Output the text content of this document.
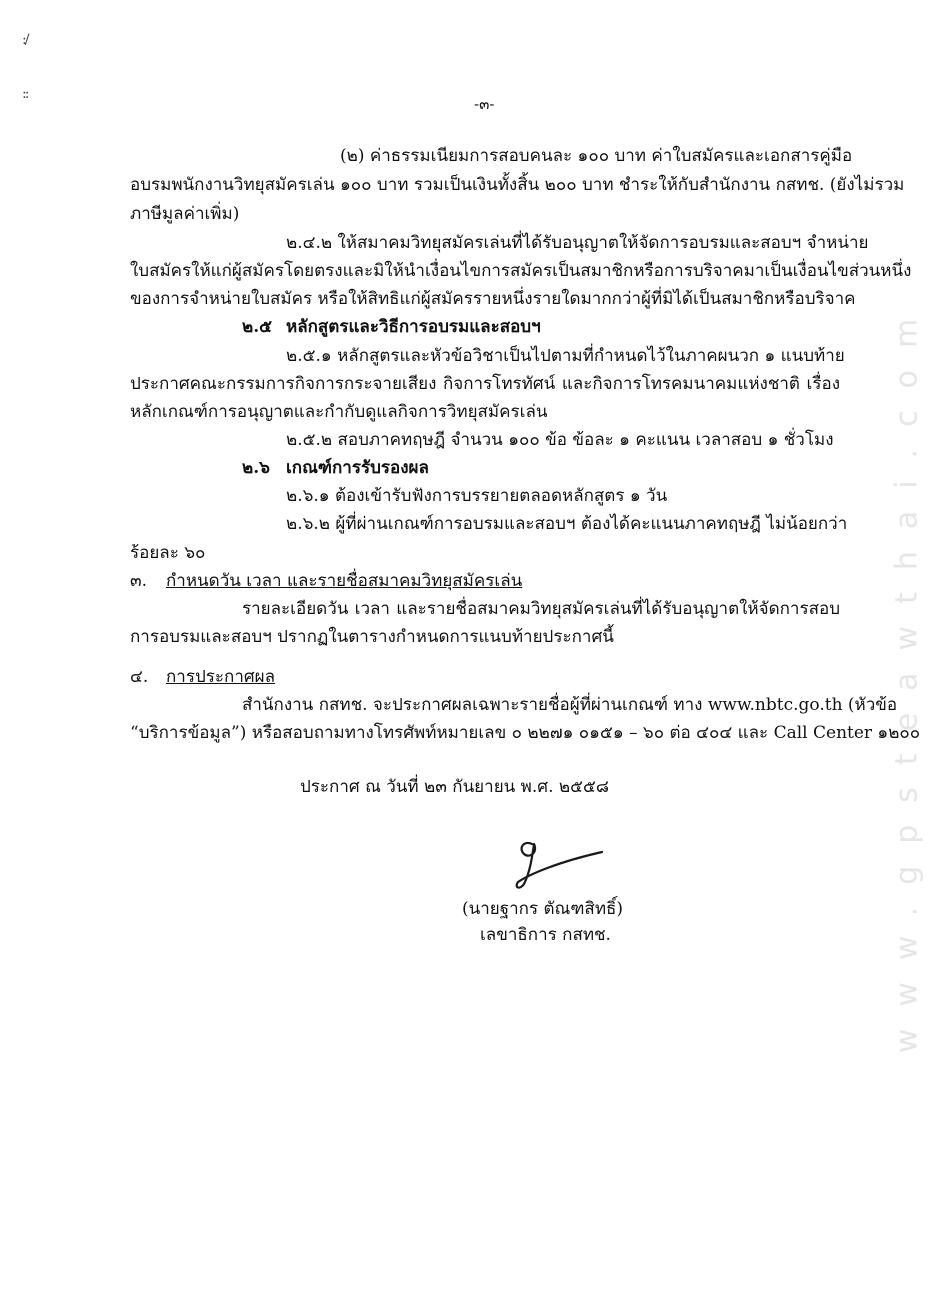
:/
::
www.gpsteawthai.com
-๓-
(๒) ค่าธรรมเนียมการสอบคนละ ๑๐๐ บาท ค่าใบสมัครและเอกสารคู่มือ
อบรมพนักงานวิทยุสมัครเล่น ๑๐๐ บาท รวมเป็นเงินทั้งสิ้น ๒๐๐ บาท ชำระให้กับสำนักงาน กสทช. (ยังไม่รวม
ภาษีมูลค่าเพิ่ม)
๒.๔.๒ ให้สมาคมวิทยุสมัครเล่นที่ได้รับอนุญาตให้จัดการอบรมและสอบฯ จำหน่าย
ใบสมัครให้แก่ผู้สมัครโดยตรงและมิให้นำเงื่อนไขการสมัครเป็นสมาชิกหรือการบริจาคมาเป็นเงื่อนไขส่วนหนึ่ง
ของการจำหน่ายใบสมัคร หรือให้สิทธิแก่ผู้สมัครรายหนึ่งรายใดมากกว่าผู้ที่มิได้เป็นสมาชิกหรือบริจาค
๒.๕ หลักสูตรและวิธีการอบรมและสอบฯ
๒.๕.๑ หลักสูตรและหัวข้อวิชาเป็นไปตามที่กำหนดไว้ในภาคผนวก ๑ แนบท้าย
ประกาศคณะกรรมการกิจการกระจายเสียง กิจการโทรทัศน์ และกิจการโทรคมนาคมแห่งชาติ เรื่อง
หลักเกณฑ์การอนุญาตและกำกับดูแลกิจการวิทยุสมัครเล่น
๒.๕.๒ สอบภาคทฤษฎี จำนวน ๑๐๐ ข้อ ข้อละ ๑ คะแนน เวลาสอบ ๑ ชั่วโมง
๒.๖ เกณฑ์การรับรองผล
๒.๖.๑ ต้องเข้ารับฟังการบรรยายตลอดหลักสูตร ๑ วัน
๒.๖.๒ ผู้ที่ผ่านเกณฑ์การอบรมและสอบฯ ต้องได้คะแนนภาคทฤษฎี ไม่น้อยกว่า
ร้อยละ ๖๐
๓. กำหนดวัน เวลา และรายชื่อสมาคมวิทยุสมัครเล่น
รายละเอียดวัน เวลา และรายชื่อสมาคมวิทยุสมัครเล่นที่ได้รับอนุญาตให้จัดการสอบ
การอบรมและสอบฯ ปรากฏในตารางกำหนดการแนบท้ายประกาศนี้
๔. การประกาศผล
สำนักงาน กสทช. จะประกาศผลเฉพาะรายชื่อผู้ที่ผ่านเกณฑ์ ทาง www.nbtc.go.th (หัวข้อ
“บริการข้อมูล”) หรือสอบถามทางโทรศัพท์หมายเลข ๐ ๒๒๗๑ ๐๑๕๑ – ๖๐ ต่อ ๔๐๔ และ Call Center ๑๒๐๐
ประกาศ ณ วันที่ ๒๓ กันยายน พ.ศ. ๒๕๕๘
(นายฐากร ตัณฑสิทธิ์)
เลขาธิการ กสทช.
